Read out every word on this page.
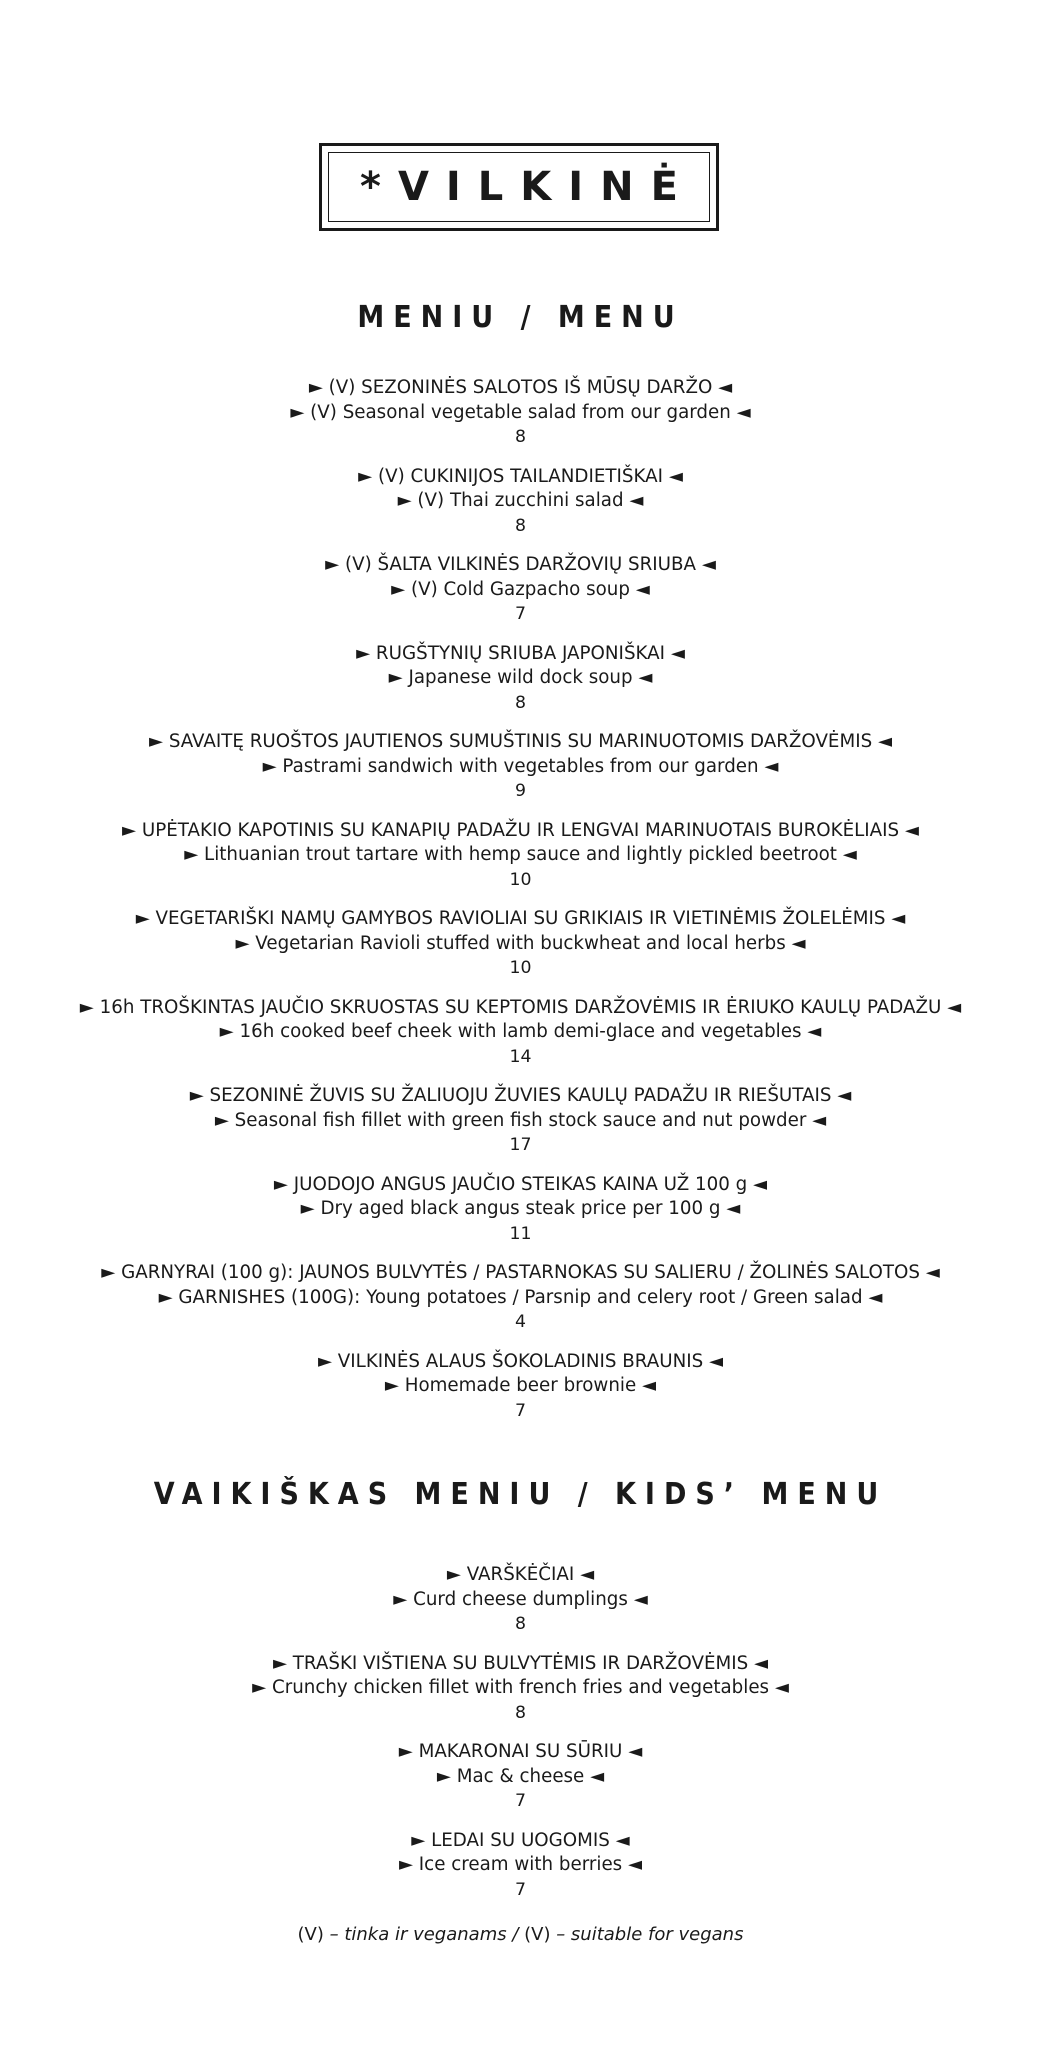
*VILKINĖ
MENIU / MENU
► (V) SEZONINĖS SALOTOS IŠ MŪSŲ DARŽO ◄
► (V) Seasonal vegetable salad from our garden ◄
8
► (V) CUKINIJOS TAILANDIETIŠKAI ◄
► (V) Thai zucchini salad ◄
8
► (V) ŠALTA VILKINĖS DARŽOVIŲ SRIUBA ◄
► (V) Cold Gazpacho soup ◄
7
► RUGŠTYNIŲ SRIUBA JAPONIŠKAI ◄
► Japanese wild dock soup ◄
8
► SAVAITĘ RUOŠTOS JAUTIENOS SUMUŠTINIS SU MARINUOTOMIS DARŽOVĖMIS ◄
► Pastrami sandwich with vegetables from our garden ◄
9
► UPĖTAKIO KAPOTINIS SU KANAPIŲ PADAŽU IR LENGVAI MARINUOTAIS BUROKĖLIAIS ◄
► Lithuanian trout tartare with hemp sauce and lightly pickled beetroot ◄
10
► VEGETARIŠKI NAMŲ GAMYBOS RAVIOLIAI SU GRIKIAIS IR VIETINĖMIS ŽOLELĖMIS ◄
► Vegetarian Ravioli stuffed with buckwheat and local herbs ◄
10
► 16h TROŠKINTAS JAUČIO SKRUOSTAS SU KEPTOMIS DARŽOVĖMIS IR ĖRIUKO KAULŲ PADAŽU ◄
► 16h cooked beef cheek with lamb demi-glace and vegetables ◄
14
► SEZONINĖ ŽUVIS SU ŽALIUOJU ŽUVIES KAULŲ PADAŽU IR RIEŠUTAIS ◄
► Seasonal fish fillet with green fish stock sauce and nut powder ◄
17
► JUODOJO ANGUS JAUČIO STEIKAS KAINA UŽ 100 g ◄
► Dry aged black angus steak price per 100 g ◄
11
► GARNYRAI (100 g): JAUNOS BULVYTĖS / PASTARNOKAS SU SALIERU / ŽOLINĖS SALOTOS ◄
► GARNISHES (100G): Young potatoes / Parsnip and celery root / Green salad ◄
4
► VILKINĖS ALAUS ŠOKOLADINIS BRAUNIS ◄
► Homemade beer brownie ◄
7
VAIKIŠKAS MENIU / KIDS’ MENU
► VARŠKĖČIAI ◄
► Curd cheese dumplings ◄
8
► TRAŠKI VIŠTIENA SU BULVYTĖMIS IR DARŽOVĖMIS ◄
► Crunchy chicken fillet with french fries and vegetables ◄
8
► MAKARONAI SU SŪRIU ◄
► Mac & cheese ◄
7
► LEDAI SU UOGOMIS ◄
► Ice cream with berries ◄
7
(V) – tinka ir veganams / (V) – suitable for vegans
